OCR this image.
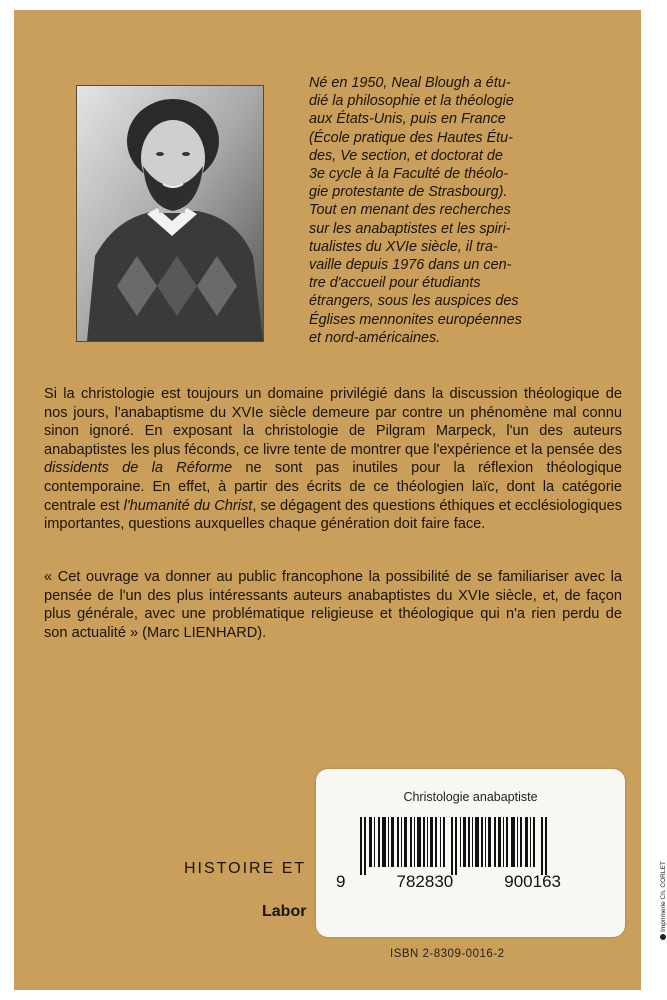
Né en 1950, Neal Blough a étu-
dié la philosophie et la théologie
aux États-Unis, puis en France
(École pratique des Hautes Étu-
des, Ve section, et doctorat de
3e cycle à la Faculté de théolo-
gie protestante de Strasbourg).
Tout en menant des recherches
sur les anabaptistes et les spiri-
tualistes du XVIe siècle, il tra-
vaille depuis 1976 dans un cen-
tre d'accueil pour étudiants
étrangers, sous les auspices des
Églises mennonites européennes
et nord-américaines.

Si la christologie est toujours un domaine privilégié dans la discussion théologique de nos jours, l'anabaptisme du XVIe siècle demeure par contre un phénomène mal connu sinon ignoré. En exposant la christologie de Pilgram Marpeck, l'un des auteurs anabaptistes les plus féconds, ce livre tente de montrer que l'expérience et la pensée des dissidents de la Réforme ne sont pas inutiles pour la réflexion théologique contemporaine. En effet, à partir des écrits de ce théologien laïc, dont la catégorie centrale est l'humanité du Christ, se dégagent des questions éthiques et ecclésiologiques importantes, questions auxquelles chaque génération doit faire face.

« Cet ouvrage va donner au public francophone la possibilité de se familiariser avec la pensée de l'un des plus intéressants auteurs anabaptistes du XVIe siècle, et, de façon plus générale, avec une problématique religieuse et théologique qui n'a rien perdu de son actualité » (Marc LIENHARD).

HISTOIRE ET
Labor	Imprimerie Ch. CORLET
Christologie anabaptiste
9	782830	900163
ISBN 2-8309-0016-2
